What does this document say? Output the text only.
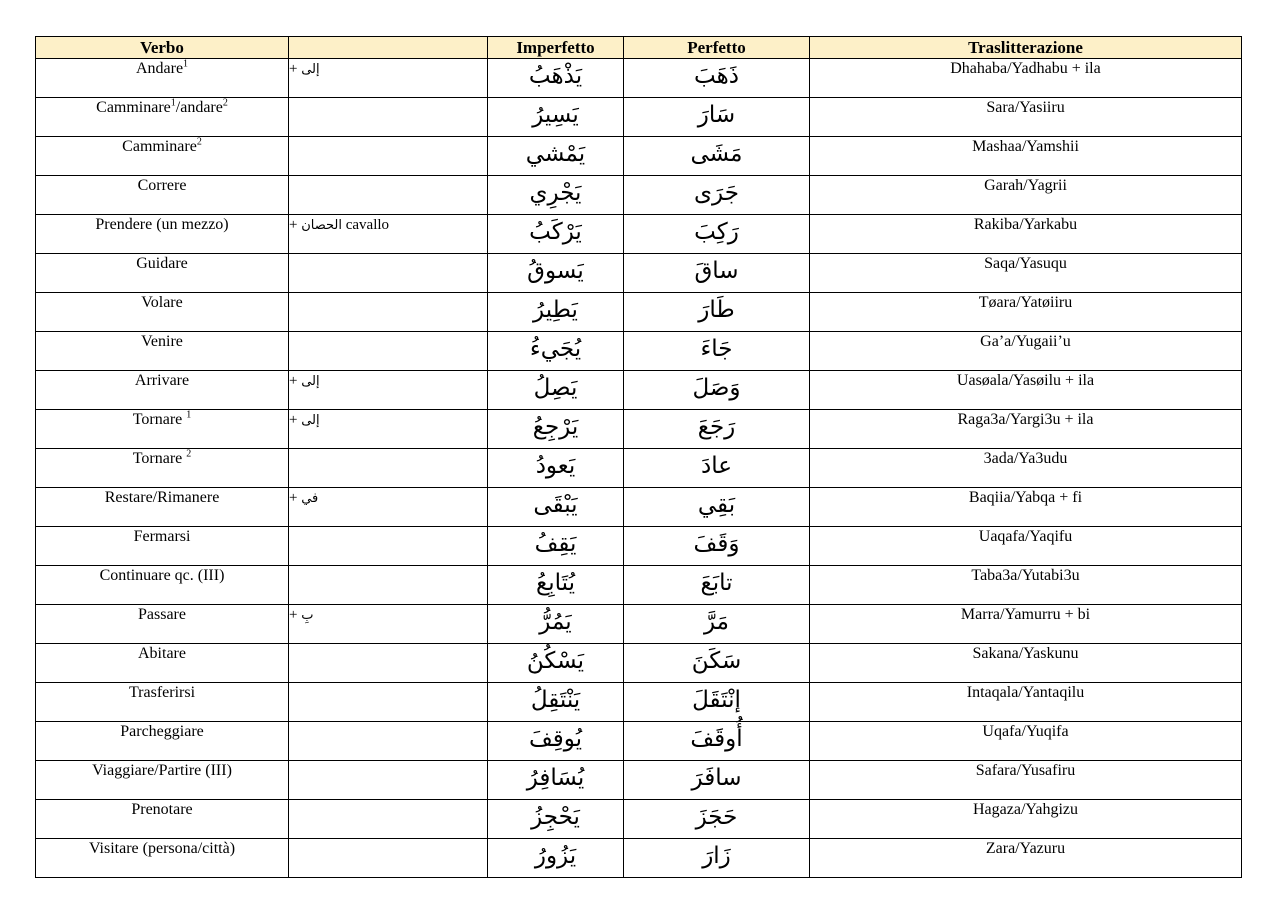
Verbo		Imperfetto	Perfetto	Traslitterazione
Andare$^1$	+ إلى	يَذْهَبُ	ذَهَبَ	Dhahaba/Yadhabu + ila
Camminare$^1$/andare$^2$		يَسِيرُ	سَارَ	Sara/Yasiiru
Camminare$^2$		يَمْشي	مَشَى	Mashaa/Yamshii
Correre		يَجْرِي	جَرَى	Garah/Yagrii
Prendere (un mezzo)	+ الحصان cavallo	يَرْكَبُ	رَكِبَ	Rakiba/Yarkabu
Guidare		يَسوقُ	ساقَ	Saqa/Yasuqu
Volare		يَطِيرُ	طَارَ	Tøara/Yatøiiru
Venire		يُجَيءُ	جَاءَ	Ga’a/Yugaii’u
Arrivare	+ إلى	يَصِلُ	وَصَلَ	Uasøala/Yasøilu + ila
Tornare $^1$	+ إلى	يَرْجِعُ	رَجَعَ	Raga3a/Yargi3u + ila
Tornare $^2$		يَعودُ	عادَ	3ada/Ya3udu
Restare/Rimanere	+ في	يَبْقَى	بَقِي	Baqiia/Yabqa + fi
Fermarsi		يَقِفُ	وَقَفَ	Uaqafa/Yaqifu
Continuare qc. (III)		يُتَابِعُ	تابَعَ	Taba3a/Yutabi3u
Passare	+ بِ	يَمُرُّ	مَرَّ	Marra/Yamurru + bi
Abitare		يَسْكُنُ	سَكَنَ	Sakana/Yaskunu
Trasferirsi		يَنْتَقِلُ	إنْتَقَلَ	Intaqala/Yantaqilu
Parcheggiare		يُوقِفَ	أُوقَفَ	Uqafa/Yuqifa
Viaggiare/Partire (III)		يُسَافِرُ	سافَرَ	Safara/Yusafiru
Prenotare		يَحْجِزُ	حَجَزَ	Hagaza/Yahgizu
Visitare (persona/città)		يَزُورُ	زَارَ	Zara/Yazuru
